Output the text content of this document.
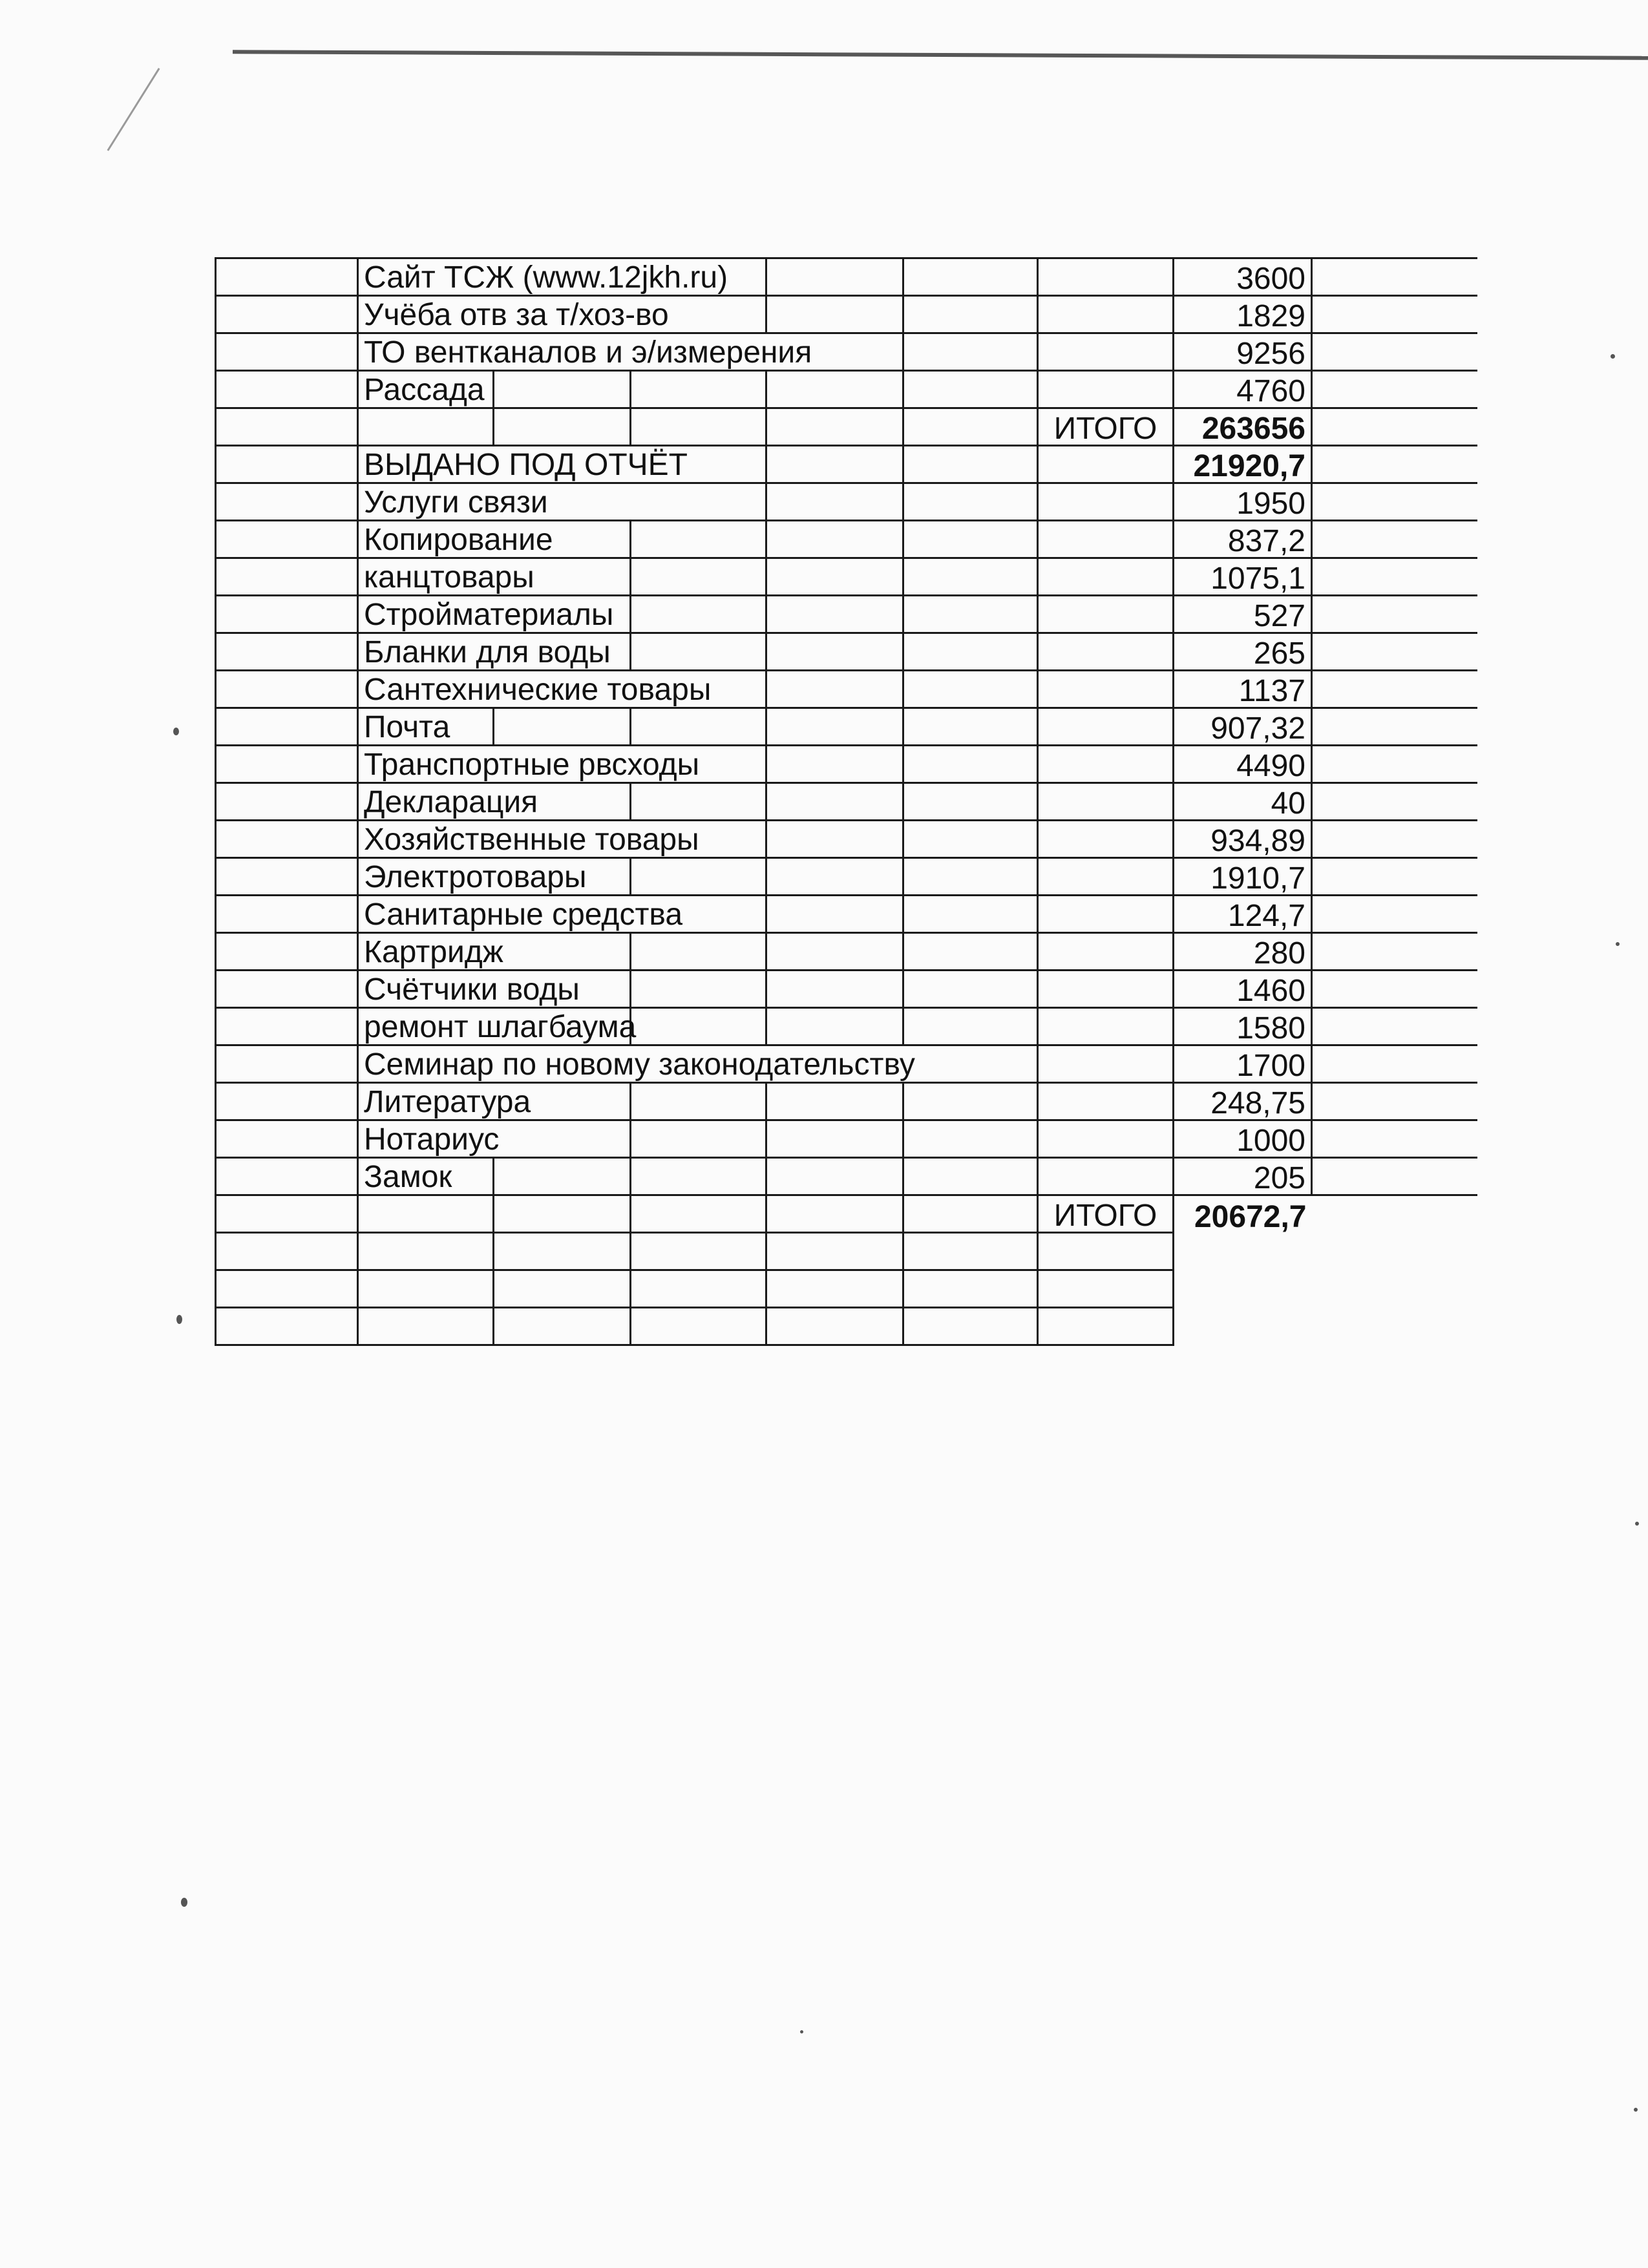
	Сайт ТСЖ (www.12jkh.ru)						3600	

	Учёба отв за т/хоз-во						1829	

	ТО вентканалов и э/измерения						9256	

	Рассада						4760	
						ИТОГО	263656	

	ВЫДАНО ПОД ОТЧЁТ						21920,7	

	Услуги связи						1950	

	Копирование						837,2	

	канцтовары						1075,1	

	Стройматериалы						527	

	Бланки для воды						265	

	Сантехнические товары						1137	

	Почта						907,32	

	Транспортные рвсходы						4490	

	Декларация						40	

	Хозяйственные товары						934,89	

	Электротовары						1910,7	

	Санитарные средства						124,7	

	Картридж						280	

	Счётчики воды						1460	

	ремонт шлагбаума						1580	

	Семинар по новому законодательству						1700	

	Литература						248,75	

	Нотариус						1000	

	Замок						205	
						ИТОГО	20672,7	
